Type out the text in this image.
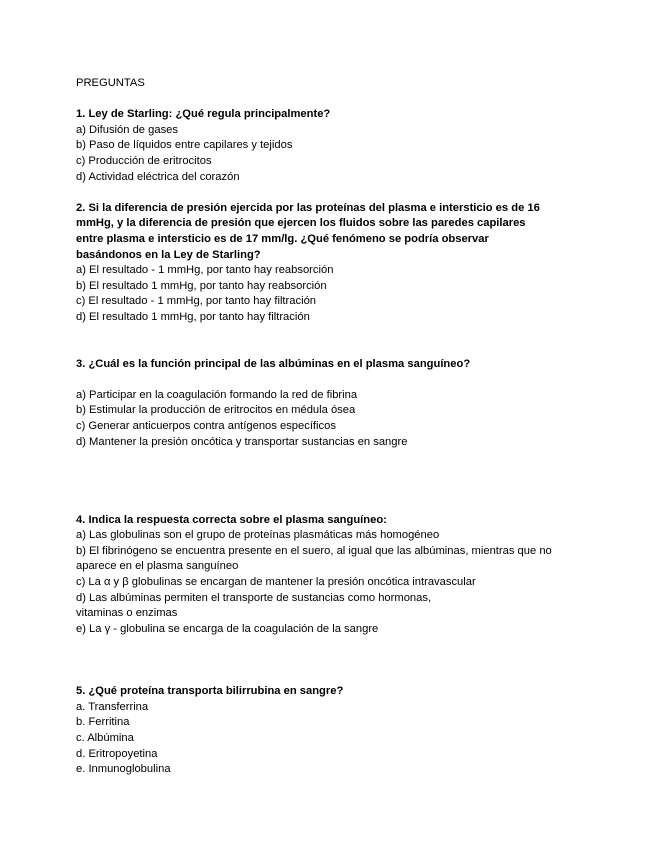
PREGUNTAS

1. Ley de Starling: ¿Qué regula principalmente?

a) Difusión de gases

b) Paso de líquidos entre capilares y tejidos

c) Producción de eritrocitos

d) Actividad eléctrica del corazón

2. Si la diferencia de presión ejercida por las proteínas del plasma e intersticio es de 16

mmHg, y la diferencia de presión que ejercen los fluidos sobre las paredes capilares

entre plasma e intersticio es de 17 mm/lg. ¿Qué fenómeno se podría observar

basándonos en la Ley de Starling?

a) El resultado - 1 mmHg, por tanto hay reabsorción

b) El resultado 1 mmHg, por tanto hay reabsorción

c) El resultado - 1 mmHg, por tanto hay filtración

d) El resultado 1 mmHg, por tanto hay filtración

3. ¿Cuál es la función principal de las albúminas en el plasma sanguíneo?

a) Participar en la coagulación formando la red de fibrina

b) Estimular la producción de eritrocitos en médula ósea

c) Generar anticuerpos contra antígenos específicos

d) Mantener la presión oncótica y transportar sustancias en sangre

4. Indica la respuesta correcta sobre el plasma sanguíneo:

a) Las globulinas son el grupo de proteínas plasmáticas más homogéneo

b) El fibrinógeno se encuentra presente en el suero, al igual que las albúminas, mientras que no

aparece en el plasma sanguíneo

c) La α y β globulinas se encargan de mantener la presión oncótica intravascular

d) Las albúminas permiten el transporte de sustancias como hormonas,

vitaminas o enzimas

e) La γ - globulina se encarga de la coagulación de la sangre

5. ¿Qué proteína transporta bilirrubina en sangre?

a. Transferrina

b. Ferritina

c. Albúmina

d. Eritropoyetina

e. Inmunoglobulina
